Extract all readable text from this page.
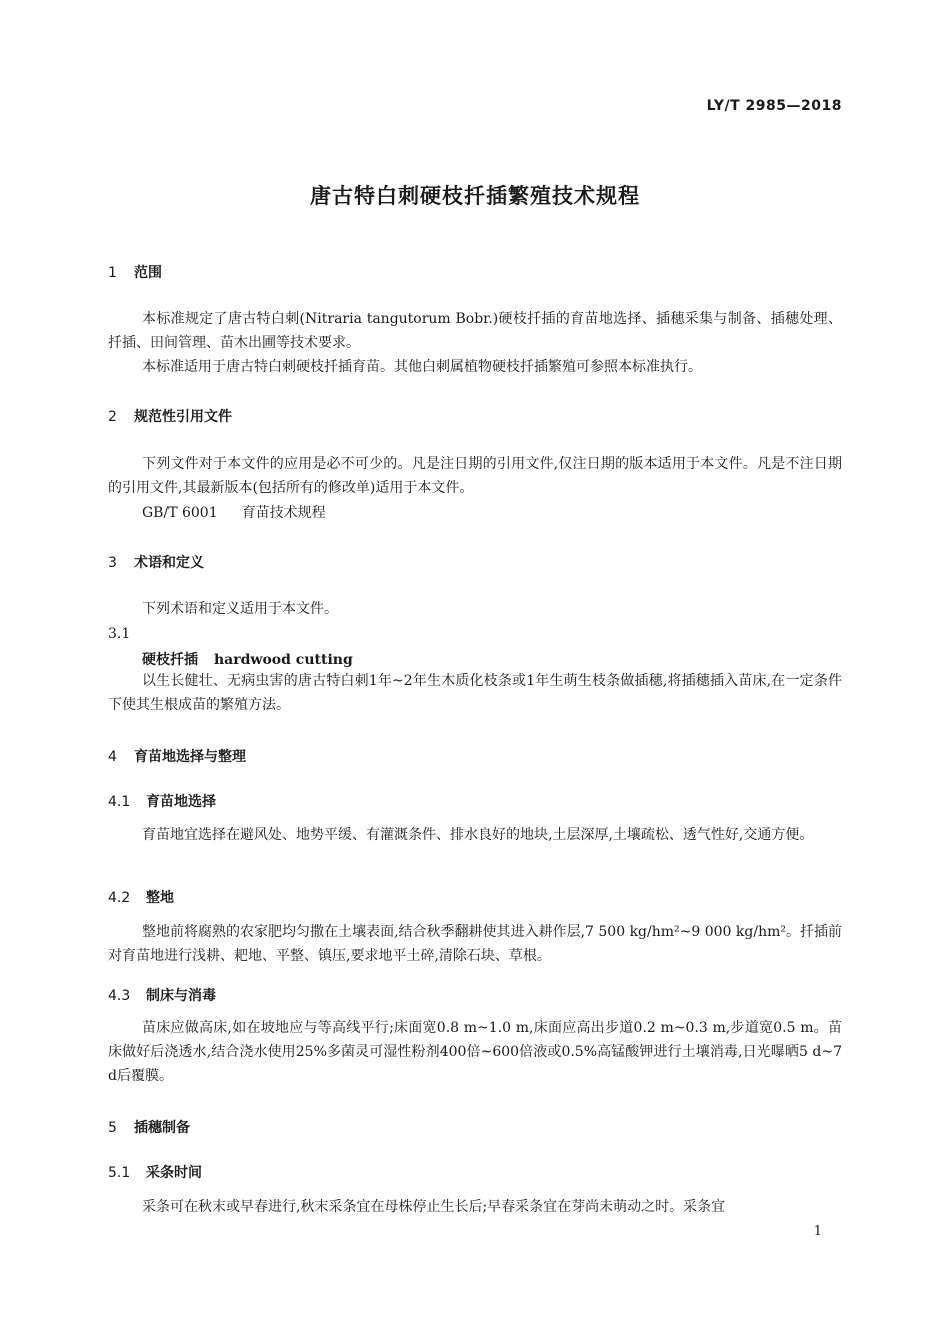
LY/T 2985—2018
唐古特白刺硬枝扦插繁殖技术规程
1 范围
本标准规定了唐古特白刺(Nitraria tangutorum Bobr.)硬枝扦插的育苗地选择、插穗采集与制备、插穗处理、扦插、田间管理、苗木出圃等技术要求。
本标准适用于唐古特白刺硬枝扦插育苗。其他白刺属植物硬枝扦插繁殖可参照本标准执行。
2 规范性引用文件
下列文件对于本文件的应用是必不可少的。凡是注日期的引用文件,仅注日期的版本适用于本文件。凡是不注日期的引用文件,其最新版本(包括所有的修改单)适用于本文件。
GB/T 6001 育苗技术规程
3 术语和定义
下列术语和定义适用于本文件。
3.1
硬枝扦插 hardwood cutting
以生长健壮、无病虫害的唐古特白刺1年~2年生木质化枝条或1年生萌生枝条做插穗,将插穗插入苗床,在一定条件下使其生根成苗的繁殖方法。
4 育苗地选择与整理
4.1 育苗地选择
育苗地宜选择在避风处、地势平缓、有灌溉条件、排水良好的地块,土层深厚,土壤疏松、透气性好,交通方便。
4.2 整地
整地前将腐熟的农家肥均匀撒在土壤表面,结合秋季翻耕使其进入耕作层,7 500 kg/hm²~9 000 kg/hm²。扦插前对育苗地进行浅耕、耙地、平整、镇压,要求地平土碎,清除石块、草根。
4.3 制床与消毒
苗床应做高床,如在坡地应与等高线平行;床面宽0.8 m~1.0 m,床面应高出步道0.2 m~0.3 m,步道宽0.5 m。苗床做好后浇透水,结合浇水使用25%多菌灵可湿性粉剂400倍~600倍液或0.5%高锰酸钾进行土壤消毒,日光曝晒5 d~7 d后覆膜。
5 插穗制备
5.1 采条时间
采条可在秋末或早春进行,秋末采条宜在母株停止生长后;早春采条宜在芽尚未萌动之时。采条宜
1
